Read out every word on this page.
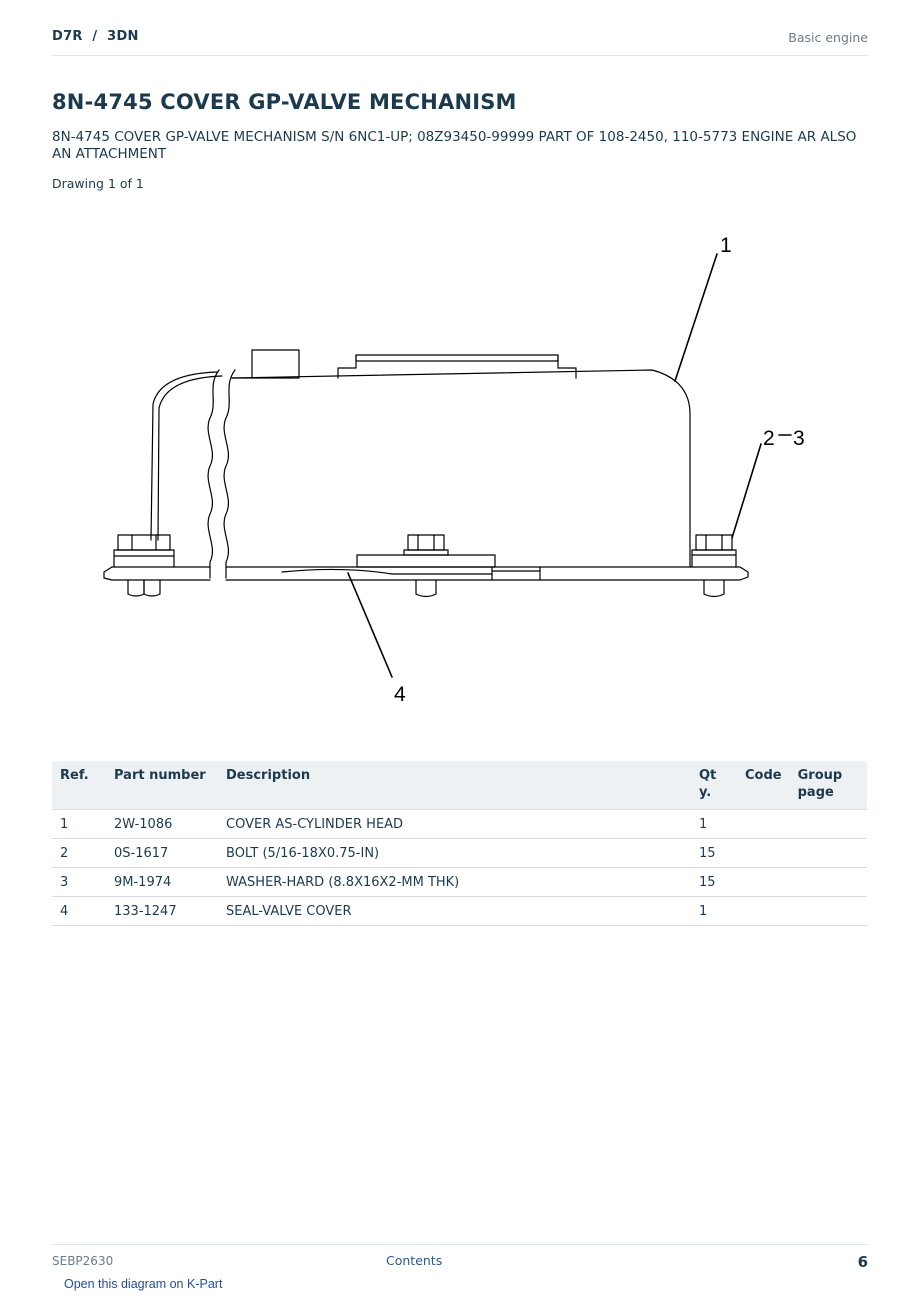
D7R  /  3DN	Basic engine
8N-4745 COVER GP-VALVE MECHANISM
8N-4745 COVER GP-VALVE MECHANISM S/N 6NC1-UP; 08Z93450-99999 PART OF 108-2450, 110-5773 ENGINE AR ALSO AN ATTACHMENT
Drawing 1 of 1
1
2 3
4
Ref.	Part number	Description	Qty.	Code	Group page
1	2W-1086	COVER AS-CYLINDER HEAD	1		
2	0S-1617	BOLT (5/16-18X0.75-IN)	15		
3	9M-1974	WASHER-HARD (8.8X16X2-MM THK)	15		
4	133-1247	SEAL-VALVE COVER	1		
SEBP2630	Contents	6
Open this diagram on K-Part
